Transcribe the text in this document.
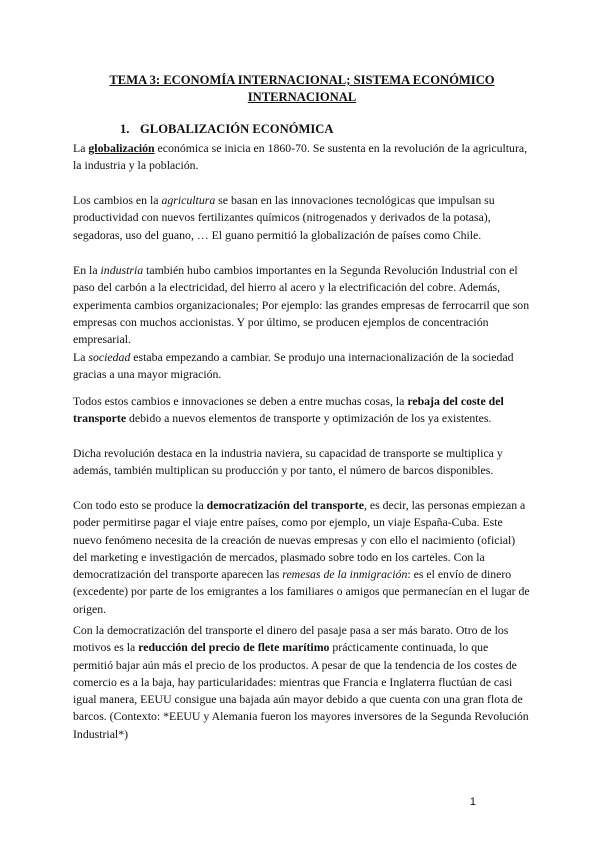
TEMA 3: ECONOMÍA INTERNACIONAL; SISTEMA ECONÓMICO INTERNACIONAL
1. GLOBALIZACIÓN ECONÓMICA

La globalización económica se inicia en 1860-70. Se sustenta en la revolución de la agricultura, la industria y la población.

Los cambios en la agricultura se basan en las innovaciones tecnológicas que impulsan su productividad con nuevos fertilizantes químicos (nitrogenados y derivados de la potasa), segadoras, uso del guano, … El guano permitió la globalización de países como Chile.

En la industria también hubo cambios importantes en la Segunda Revolución Industrial con el paso del carbón a la electricidad, del hierro al acero y la electrificación del cobre. Además, experimenta cambios organizacionales; Por ejemplo: las grandes empresas de ferrocarril que son empresas con muchos accionistas. Y por último, se producen ejemplos de concentración empresarial.

La sociedad estaba empezando a cambiar. Se produjo una internacionalización de la sociedad gracias a una mayor migración.

Todos estos cambios e innovaciones se deben a entre muchas cosas, la rebaja del coste del transporte debido a nuevos elementos de transporte y optimización de los ya existentes.

Dicha revolución destaca en la industria naviera, su capacidad de transporte se multiplica y además, también multiplican su producción y por tanto, el número de barcos disponibles.

Con todo esto se produce la democratización del transporte, es decir, las personas empiezan a poder permitirse pagar el viaje entre países, como por ejemplo, un viaje España-Cuba. Este nuevo fenómeno necesita de la creación de nuevas empresas y con ello el nacimiento (oficial) del marketing e investigación de mercados, plasmado sobre todo en los carteles. Con la democratización del transporte aparecen las remesas de la inmigración: es el envío de dinero (excedente) por parte de los emigrantes a los familiares o amigos que permanecían en el lugar de origen.

Con la democratización del transporte el dinero del pasaje pasa a ser más barato. Otro de los motivos es la reducción del precio de flete marítimo prácticamente continuada, lo que permitió bajar aún más el precio de los productos. A pesar de que la tendencia de los costes de comercio es a la baja, hay particularidades: mientras que Francia e Inglaterra fluctúan de casi igual manera, EEUU consigue una bajada aún mayor debido a que cuenta con una gran flota de barcos. (Contexto: *EEUU y Alemania fueron los mayores inversores de la Segunda Revolución Industrial*)

1
